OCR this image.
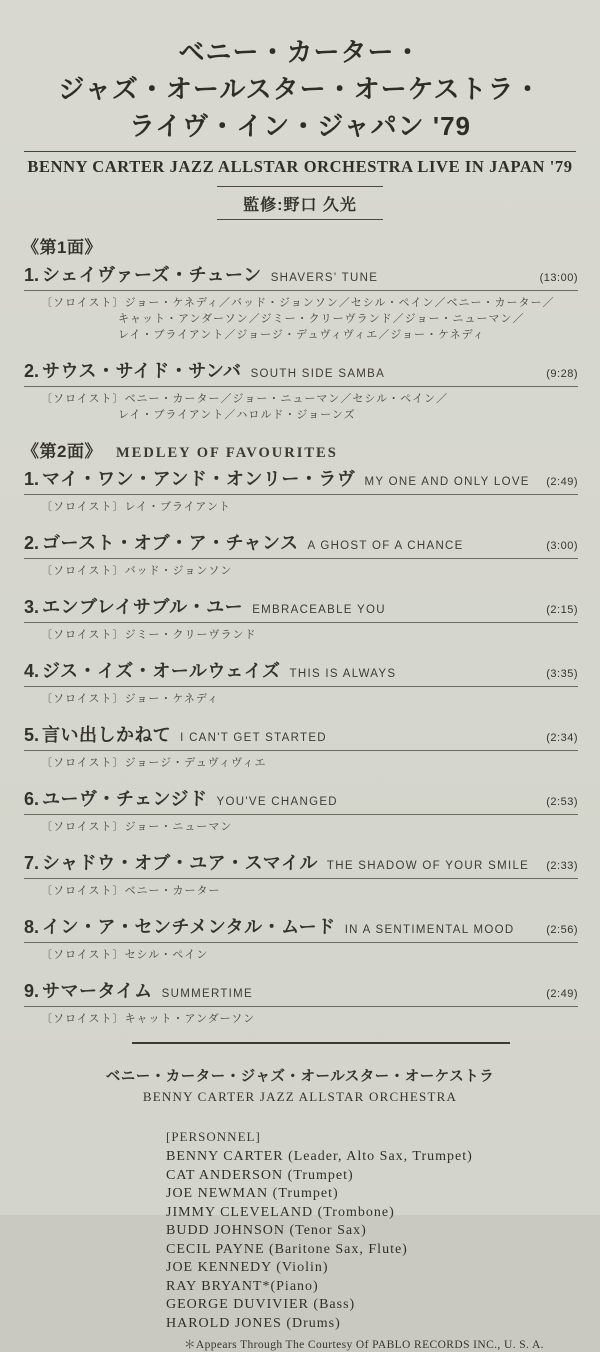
ベニー・カーター・
ジャズ・オールスター・オーケストラ・
ライヴ・イン・ジャパン '79
BENNY CARTER JAZZ ALLSTAR ORCHESTRA LIVE IN JAPAN '79
監修:野口 久光
《第1面》
1. シェイヴァーズ・チューン SHAVERS' TUNE	(13:00)
〔ソロイスト〕ジョー・ケネディ／バッド・ジョンソン／セシル・ペイン／ベニー・カーター／
キャット・アンダーソン／ジミー・クリーヴランド／ジョー・ニューマン／
レイ・ブライアント／ジョージ・デュヴィヴィエ／ジョー・ケネディ
2. サウス・サイド・サンバ SOUTH SIDE SAMBA	(9:28)
〔ソロイスト〕ベニー・カーター／ジョー・ニューマン／セシル・ペイン／
レイ・ブライアント／ハロルド・ジョーンズ
《第2面》 MEDLEY OF FAVOURITES
1. マイ・ワン・アンド・オンリー・ラヴ MY ONE AND ONLY LOVE	(2:49)
〔ソロイスト〕レイ・ブライアント
2. ゴースト・オブ・ア・チャンス A GHOST OF A CHANCE	(3:00)
〔ソロイスト〕バッド・ジョンソン
3. エンブレイサブル・ユー EMBRACEABLE YOU	(2:15)
〔ソロイスト〕ジミー・クリーヴランド
4. ジス・イズ・オールウェイズ THIS IS ALWAYS	(3:35)
〔ソロイスト〕ジョー・ケネディ
5. 言い出しかねて I CAN'T GET STARTED	(2:34)
〔ソロイスト〕ジョージ・デュヴィヴィエ
6. ユーヴ・チェンジド YOU'VE CHANGED	(2:53)
〔ソロイスト〕ジョー・ニューマン
7. シャドウ・オブ・ユア・スマイル THE SHADOW OF YOUR SMILE	(2:33)
〔ソロイスト〕ベニー・カーター
8. イン・ア・センチメンタル・ムード IN A SENTIMENTAL MOOD	(2:56)
〔ソロイスト〕セシル・ペイン
9. サマータイム SUMMERTIME	(2:49)
〔ソロイスト〕キャット・アンダーソン
ベニー・カーター・ジャズ・オールスター・オーケストラ
BENNY CARTER JAZZ ALLSTAR ORCHESTRA
[PERSONNEL]
BENNY CARTER (Leader, Alto Sax, Trumpet)
CAT ANDERSON (Trumpet)
JOE NEWMAN (Trumpet)
JIMMY CLEVELAND (Trombone)
BUDD JOHNSON (Tenor Sax)
CECIL PAYNE (Baritone Sax, Flute)
JOE KENNEDY (Violin)
RAY BRYANT*(Piano)
GEORGE DUVIVIER (Bass)
HAROLD JONES (Drums)
＊Appears Through The Courtesy Of PABLO RECORDS INC., U. S. A.
